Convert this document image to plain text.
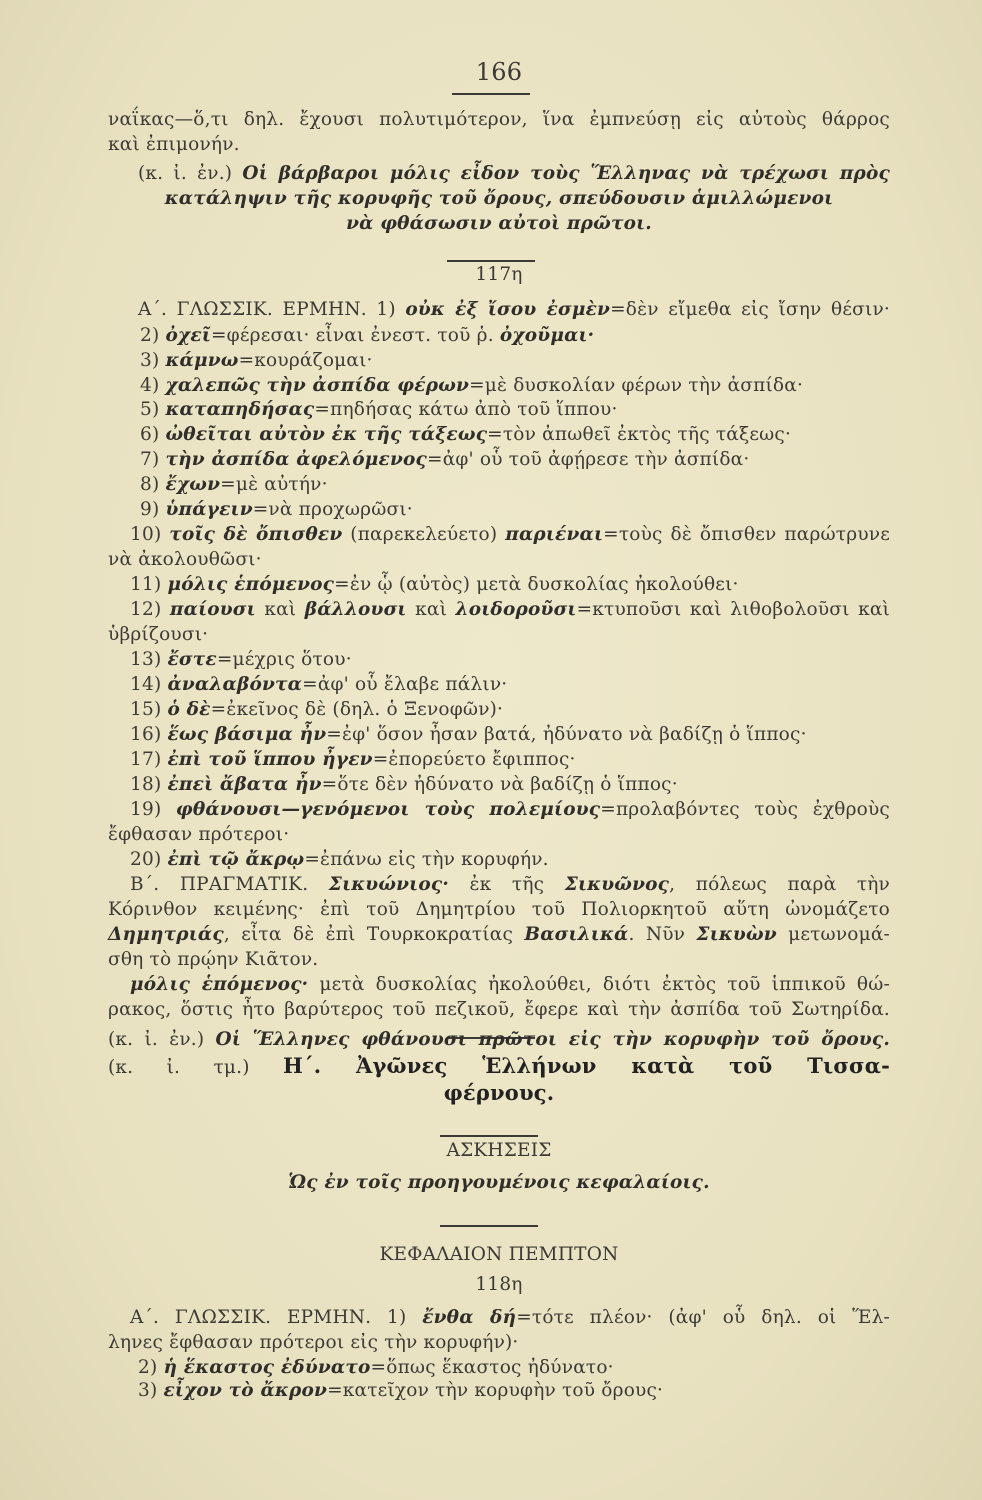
166
ναΐκας—ὅ,τι δηλ. ἔχουσι πολυτιμότερον, ἵνα ἐμπνεύσῃ εἰς αὐτοὺς θάρρος
καὶ ἐπιμονήν.
(κ. ἰ. ἐν.) Οἱ βάρβαροι μόλις εἶδον τοὺς Ἕλληνας νὰ τρέχωσι πρὸς
κατάληψιν τῆς κορυφῆς τοῦ ὄρους, σπεύδουσιν ἁμιλλώμενοι
νὰ φθάσωσιν αὐτοὶ πρῶτοι.
117η
Α΄. ΓΛΩΣΣΙΚ. ΕΡΜΗΝ. 1) οὐκ ἐξ ἴσου ἐσμὲν=δὲν εἴμεθα εἰς ἴσην θέσιν·
2) ὀχεῖ=φέρεσαι· εἶναι ἐνεστ. τοῦ ῥ. ὀχοῦμαι·
3) κάμνω=κουράζομαι·
4) χαλεπῶς τὴν ἀσπίδα φέρων=μὲ δυσκολίαν φέρων τὴν ἀσπίδα·
5) καταπηδήσας=πηδήσας κάτω ἀπὸ τοῦ ἵππου·
6) ὠθεῖται αὐτὸν ἐκ τῆς τάξεως=τὸν ἀπωθεῖ ἐκτὸς τῆς τάξεως·
7) τὴν ἀσπίδα ἀφελόμενος=ἀφ' οὗ τοῦ ἀφῄρεσε τὴν ἀσπίδα·
8) ἔχων=μὲ αὐτήν·
9) ὑπάγειν=νὰ προχωρῶσι·
10) τοῖς δὲ ὄπισθεν (παρεκελεύετο) παριέναι=τοὺς δὲ ὄπισθεν παρώτρυνε
νὰ ἀκολουθῶσι·
11) μόλις ἑπόμενος=ἐν ᾧ (αὐτὸς) μετὰ δυσκολίας ἠκολούθει·
12) παίουσι καὶ βάλλουσι καὶ λοιδοροῦσι=κτυποῦσι καὶ λιθοβολοῦσι καὶ
ὑβρίζουσι·
13) ἔστε=μέχρις ὅτου·
14) ἀναλαβόντα=ἀφ' οὗ ἔλαβε πάλιν·
15) ὁ δὲ=ἐκεῖνος δὲ (δηλ. ὁ Ξενοφῶν)·
16) ἕως βάσιμα ἦν=ἐφ' ὅσον ἦσαν βατά, ἠδύνατο νὰ βαδίζῃ ὁ ἵππος·
17) ἐπὶ τοῦ ἵππου ἦγεν=ἐπορεύετο ἔφιππος·
18) ἐπεὶ ἄβατα ἦν=ὅτε δὲν ἠδύνατο νὰ βαδίζῃ ὁ ἵππος·
19) φθάνουσι—γενόμενοι τοὺς πολεμίους=προλαβόντες τοὺς ἐχθροὺς
ἔφθασαν πρότεροι·
20) ἐπὶ τῷ ἄκρῳ=ἐπάνω εἰς τὴν κορυφήν.
Β΄. ΠΡΑΓΜΑΤΙΚ. Σικυώνιος· ἐκ τῆς Σικυῶνος, πόλεως παρὰ τὴν
Κόρινθον κειμένης· ἐπὶ τοῦ Δημητρίου τοῦ Πολιορκητοῦ αὕτη ὠνομάζετο
Δημητριάς, εἶτα δὲ ἐπὶ Τουρκοκρατίας Βασιλικά. Νῦν Σικυὼν μετωνομά-
σθη τὸ πρῴην Κιᾶτον.
μόλις ἑπόμενος· μετὰ δυσκολίας ἠκολούθει, διότι ἐκτὸς τοῦ ἱππικοῦ θώ-
ρακος, ὅστις ἦτο βαρύτερος τοῦ πεζικοῦ, ἔφερε καὶ τὴν ἀσπίδα τοῦ Σωτηρίδα.
(κ. ἰ. ἐν.) Οἱ Ἕλληνες φθάνουσι πρῶτοι εἰς τὴν κορυφὴν τοῦ ὄρους.
(κ. ἰ. τμ.) Η΄. Ἀγῶνες Ἑλλήνων κατὰ τοῦ Τισσα-
φέρνους.
ΑΣΚΗΣΕΙΣ
Ὡς ἐν τοῖς προηγουμένοις κεφαλαίοις.
ΚΕΦΑΛΑΙΟΝ ΠΕΜΠΤΟΝ
118η
Α΄. ΓΛΩΣΣΙΚ. ΕΡΜΗΝ. 1) ἔνθα δή=τότε πλέον· (ἀφ' οὗ δηλ. οἱ Ἕλ-
ληνες ἔφθασαν πρότεροι εἰς τὴν κορυφήν)·
2) ἡ ἕκαστος ἐδύνατο=ὅπως ἕκαστος ἠδύνατο·
3) εἶχον τὸ ἄκρον=κατεῖχον τὴν κορυφὴν τοῦ ὄρους·
